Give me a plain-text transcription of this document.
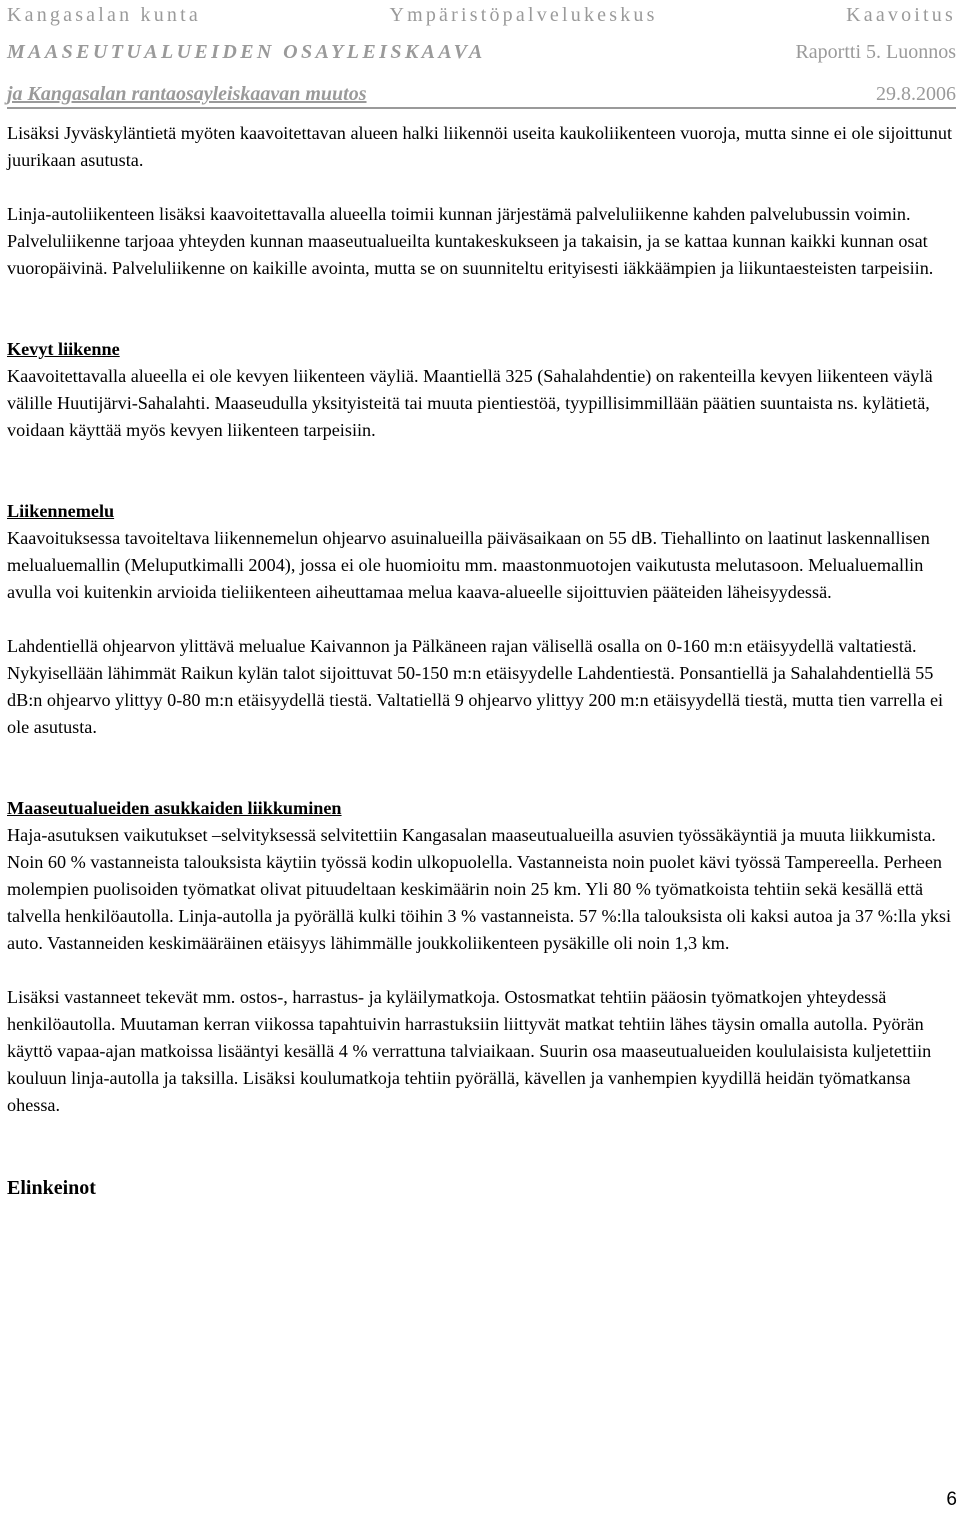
Kangasalan kunta	Ympäristöpalvelukeskus	Kaavoitus
MAASEUTUALUEIDEN OSAYLEISKAAVA	Raportti 5. Luonnos
ja Kangasalan rantaosayleiskaavan muutos	29.8.2006

Lisäksi Jyväskyläntietä myöten kaavoitettavan alueen halki liikennöi useita kaukoliikenteen vuoroja, mutta sinne ei ole sijoittunut juurikaan asutusta.

Linja-autoliikenteen lisäksi kaavoitettavalla alueella toimii kunnan järjestämä palveluliikenne kahden palvelubussin voimin. Palveluliikenne tarjoaa yhteyden kunnan maaseutualueilta kuntakeskukseen ja takaisin, ja se kattaa kunnan kaikki kunnan osat vuoropäivinä. Palveluliikenne on kaikille avointa, mutta se on suunniteltu erityisesti iäkkäämpien ja liikuntaesteisten tarpeisiin.

Kevyt liikenne

Kaavoitettavalla alueella ei ole kevyen liikenteen väyliä. Maantiellä 325 (Sahalahdentie) on rakenteilla kevyen liikenteen väylä välille Huutijärvi-Sahalahti. Maaseudulla yksityisteitä tai muuta pientiestöä, tyypillisimmillään päätien suuntaista ns. kylätietä, voidaan käyttää myös kevyen liikenteen tarpeisiin.

Liikennemelu

Kaavoituksessa tavoiteltava liikennemelun ohjearvo asuinalueilla päiväsaikaan on 55 dB. Tiehallinto on laatinut laskennallisen melualuemallin (Meluputkimalli 2004), jossa ei ole huomioitu mm. maastonmuotojen vaikutusta melutasoon. Melualuemallin avulla voi kuitenkin arvioida tieliikenteen aiheuttamaa melua kaava-alueelle sijoittuvien pääteiden läheisyydessä.

Lahdentiellä ohjearvon ylittävä melualue Kaivannon ja Pälkäneen rajan välisellä osalla on 0-160 m:n etäisyydellä valtatiestä. Nykyisellään lähimmät Raikun kylän talot sijoittuvat 50-150 m:n etäisyydelle Lahdentiestä. Ponsantiellä ja Sahalahdentiellä 55 dB:n ohjearvo ylittyy 0-80 m:n etäisyydellä tiestä. Valtatiellä 9 ohjearvo ylittyy 200 m:n etäisyydellä tiestä, mutta tien varrella ei ole asutusta.

Maaseutualueiden asukkaiden liikkuminen

Haja-asutuksen vaikutukset –selvityksessä selvitettiin Kangasalan maaseutualueilla asuvien työssäkäyntiä ja muuta liikkumista. Noin 60 % vastanneista talouksista käytiin työssä kodin ulkopuolella. Vastanneista noin puolet kävi työssä Tampereella. Perheen molempien puolisoiden työmatkat olivat pituudeltaan keskimäärin noin 25 km. Yli 80 % työmatkoista tehtiin sekä kesällä että talvella henkilöautolla. Linja-autolla ja pyörällä kulki töihin 3 % vastanneista. 57 %:lla talouksista oli kaksi autoa ja 37 %:lla yksi auto. Vastanneiden keskimääräinen etäisyys lähimmälle joukkoliikenteen pysäkille oli noin 1,3 km.

Lisäksi vastanneet tekevät mm. ostos-, harrastus- ja kyläilymatkoja. Ostosmatkat tehtiin pääosin työmatkojen yhteydessä henkilöautolla. Muutaman kerran viikossa tapahtuivin harrastuksiin liittyvät matkat tehtiin lähes täysin omalla autolla. Pyörän käyttö vapaa-ajan matkoissa lisääntyi kesällä 4 % verrattuna talviaikaan. Suurin osa maaseutualueiden koululaisista kuljetettiin kouluun linja-autolla ja taksilla. Lisäksi koulumatkoja tehtiin pyörällä, kävellen ja vanhempien kyydillä heidän työmatkansa ohessa.

Elinkeinot

6
